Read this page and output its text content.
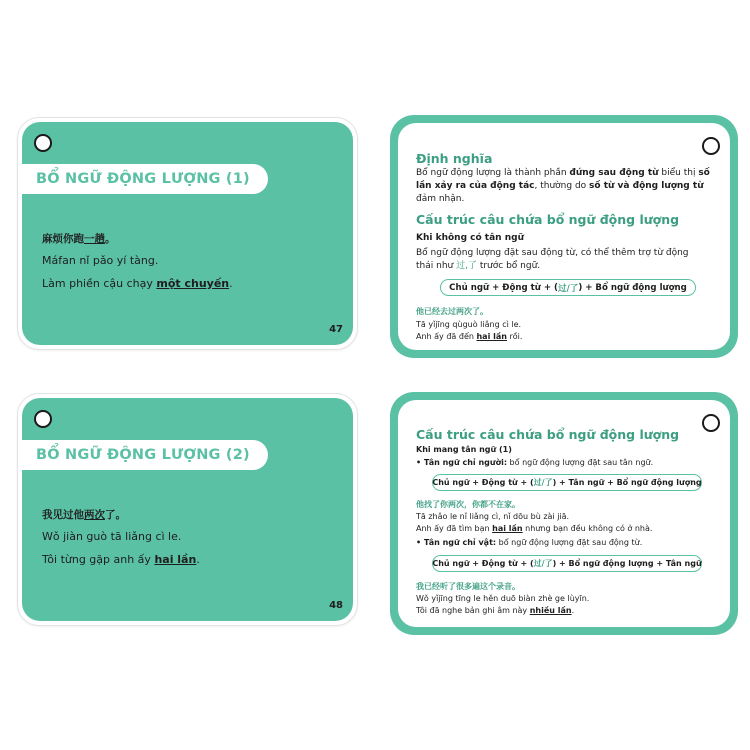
BỔ NGỮ ĐỘNG LƯỢNG (1)
麻烦你跑一趟。
Máfan nǐ pǎo yí tàng.
Làm phiền cậu chạy một chuyến.
47
BỔ NGỮ ĐỘNG LƯỢNG (2)
我见过他两次了。
Wǒ jiàn guò tā liǎng cì le.
Tôi từng gặp anh ấy hai lần.
48
Định nghĩa
Bổ ngữ động lượng là thành phần đứng sau động từ biểu thị số
lần xảy ra của động tác, thường do số từ và động lượng từ
đảm nhận.
Cấu trúc câu chứa bổ ngữ động lượng
Khi không có tân ngữ
Bổ ngữ động lượng đặt sau động từ, có thể thêm trợ từ động
thái như 过,了 trước bổ ngữ.
Chủ ngữ + Động từ + ( 过/了 ) + Bổ ngữ động lượng
他已经去过两次了。
Tā yǐjīng qùguò liǎng cì le.
Anh ấy đã đến hai lần rồi.
Cấu trúc câu chứa bổ ngữ động lượng
Khi mang tân ngữ (1)
• Tân ngữ chỉ người: bổ ngữ động lượng đặt sau tân ngữ.
Chủ ngữ + Động từ + ( 过/了 ) + Tân ngữ + Bổ ngữ động lượng
他找了你两次，你都不在家。
Tā zhǎo le nǐ liǎng cì, nǐ dōu bù zài jiā.
Anh ấy đã tìm bạn hai lần nhưng bạn đều không có ở nhà.
• Tân ngữ chỉ vật: bổ ngữ động lượng đặt sau động từ.
Chủ ngữ + Động từ + ( 过/了 ) + Bổ ngữ động lượng + Tân ngữ
我已经听了很多遍这个录音。
Wǒ yǐjīng tīng le hěn duō biàn zhè ge lùyīn.
Tôi đã nghe bản ghi âm này nhiều lần.
